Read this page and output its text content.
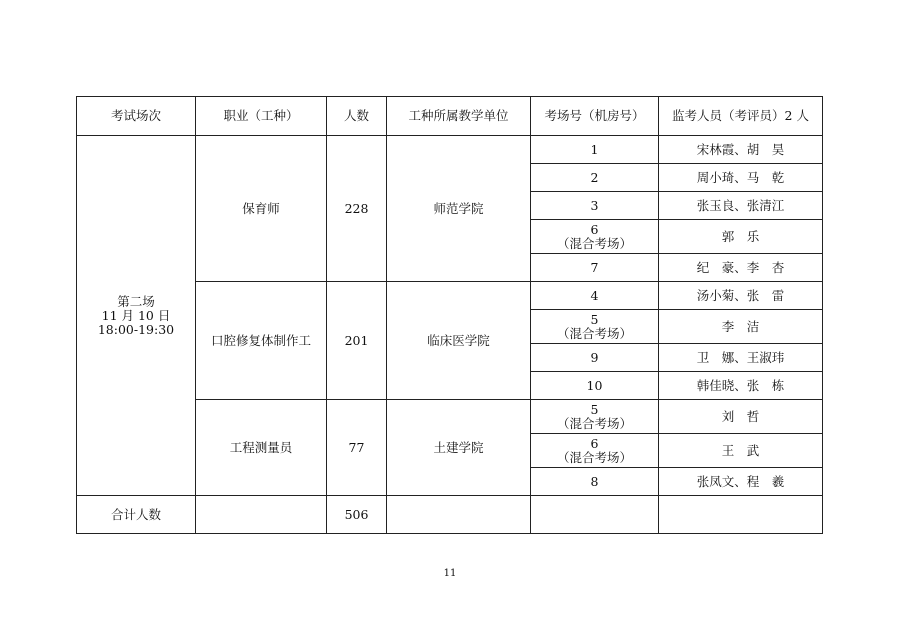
考试场次	职业（工种）	人数	工种所属教学单位	考场号（机房号）	监考人员（考评员）2 人

第二场
11 月 10 日
18:00-19:30	保育师	228	师范学院	1	宋林霞、胡　昊

				2	周小琦、马　乾

				3	张玉良、张清江

				6
（混合考场）	郭　乐

				7	纪　豪、李　杏
	口腔修复体制作工	201	临床医学院	4	汤小菊、张　雷

				5
（混合考场）	李　洁

				9	卫　娜、王淑玮

				10	韩佳晓、张　栋
	工程测量员	77	土建学院	5
（混合考场）	刘　哲

				6
（混合考场）	王　武

				8	张凤文、程　羲
合计人数		506			
11
